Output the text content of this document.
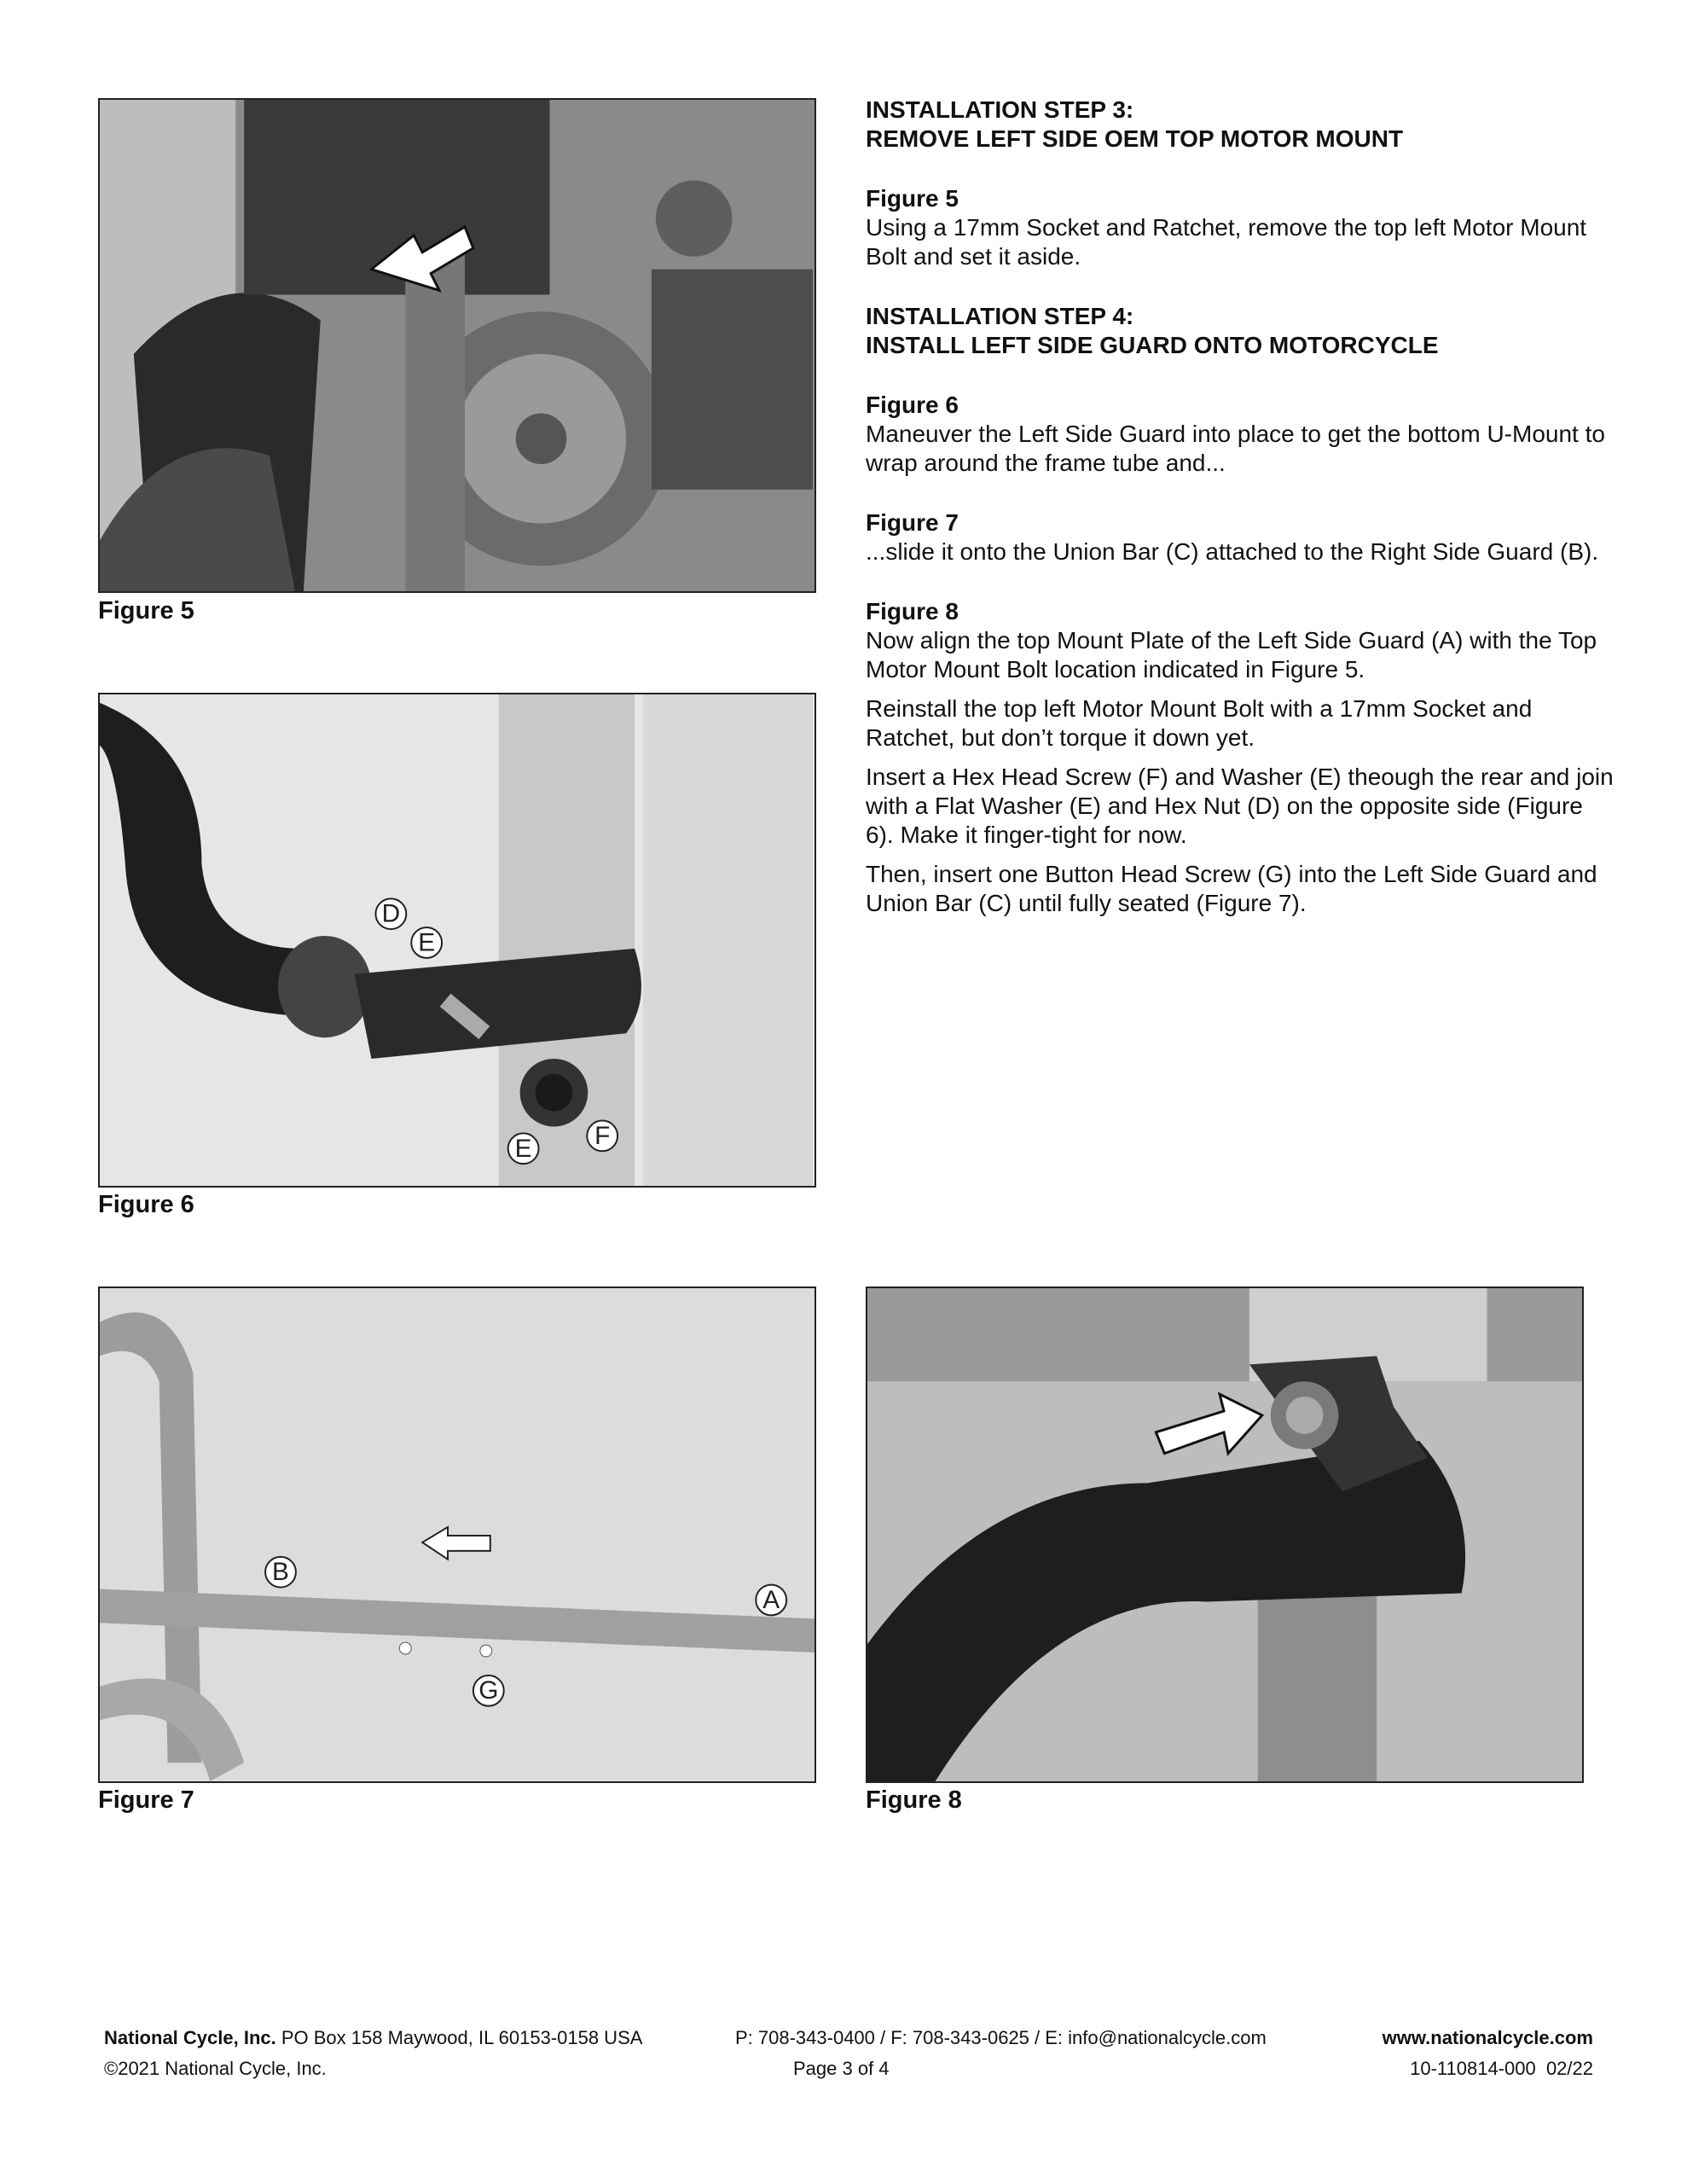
Figure 5
D
E
E F
Figure 6
B
A
G
Figure 7	Figure 8
INSTALLATION STEP 3:
REMOVE LEFT SIDE OEM TOP MOTOR MOUNT
Figure 5

Using a 17mm Socket and Ratchet, remove the top left Motor Mount Bolt and set it aside.

INSTALLATION STEP 4:
INSTALL LEFT SIDE GUARD ONTO MOTORCYCLE
Figure 6

Maneuver the Left Side Guard into place to get the bottom U-Mount to wrap around the frame tube and...

Figure 7

...slide it onto the Union Bar (C) attached to the Right Side Guard (B).

Figure 8

Now align the top Mount Plate of the Left Side Guard (A) with the Top Motor Mount Bolt location indicated in Figure 5.

Reinstall the top left Motor Mount Bolt with a 17mm Socket and Ratchet, but don’t torque it down yet.

Insert a Hex Head Screw (F) and Washer (E) theough the rear and join with a Flat Washer (E) and Hex Nut (D) on the opposite side (Figure 6). Make it finger-tight for now.

Then, insert one Button Head Screw (G) into the Left Side Guard and Union Bar (C) until fully seated (Figure 7).

National Cycle, Inc. PO Box 158 Maywood, IL 60153-0158 USA	P: 708-343-0400 / F: 708-343-0625 / E: info@nationalcycle.com	www.nationalcycle.com
©2021 National Cycle, Inc.	Page 3 of 4	10-110814-000  02/22
